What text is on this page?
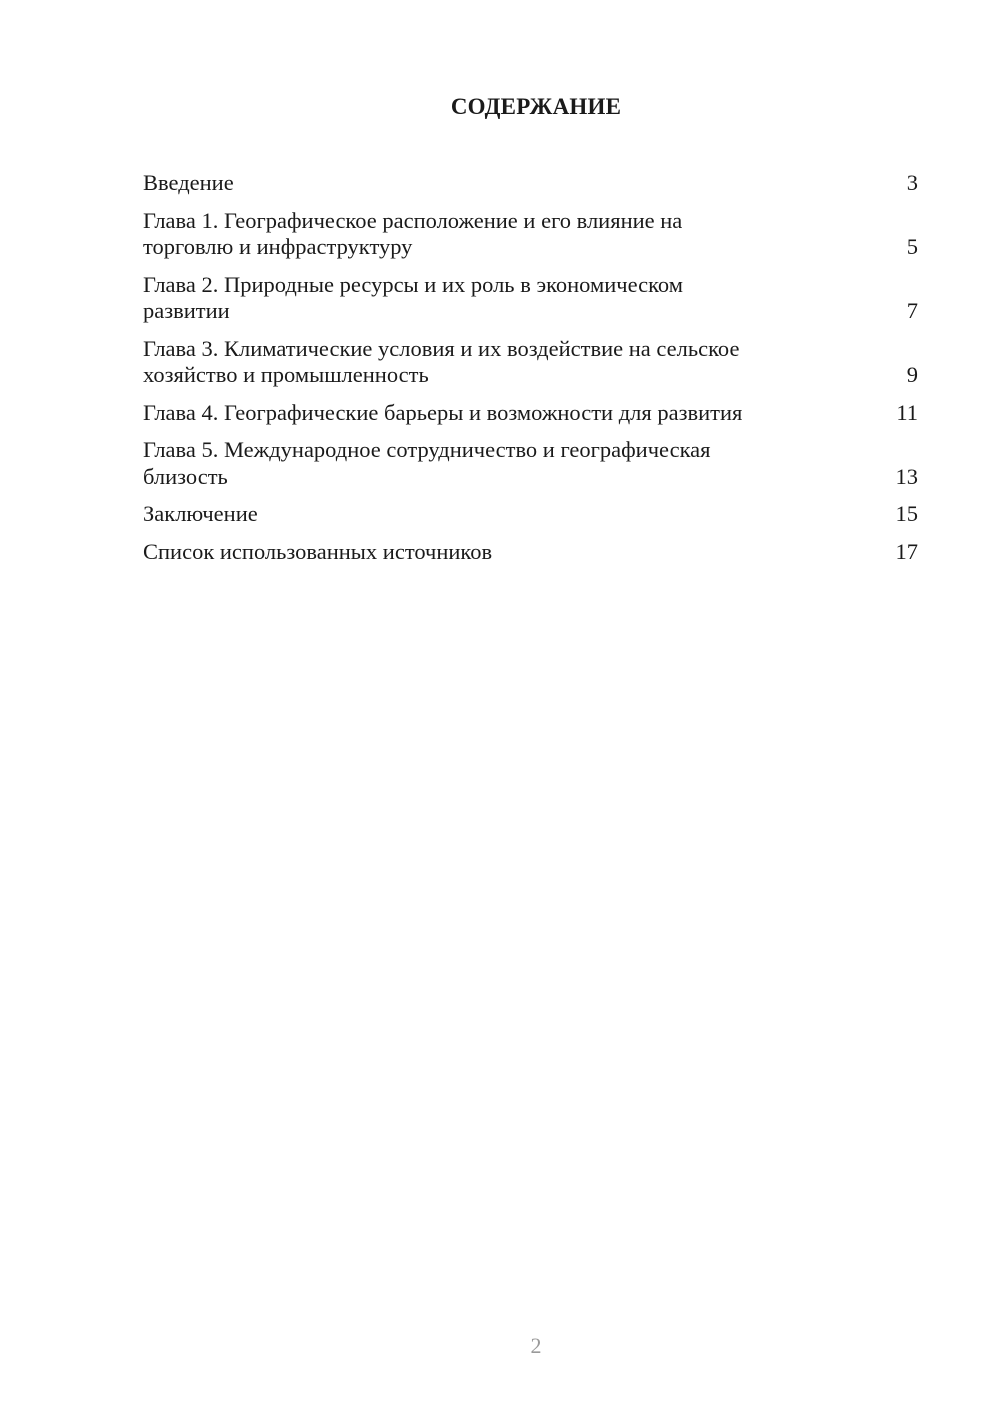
СОДЕРЖАНИЕ
Введение	3
Глава 1. Географическое расположение и его влияние на
торговлю и инфраструктуру	5
Глава 2. Природные ресурсы и их роль в экономическом
развитии	7
Глава 3. Климатические условия и их воздействие на сельское
хозяйство и промышленность	9
Глава 4. Географические барьеры и возможности для развития	11
Глава 5. Международное сотрудничество и географическая
близость	13
Заключение	15
Список использованных источников	17
2
